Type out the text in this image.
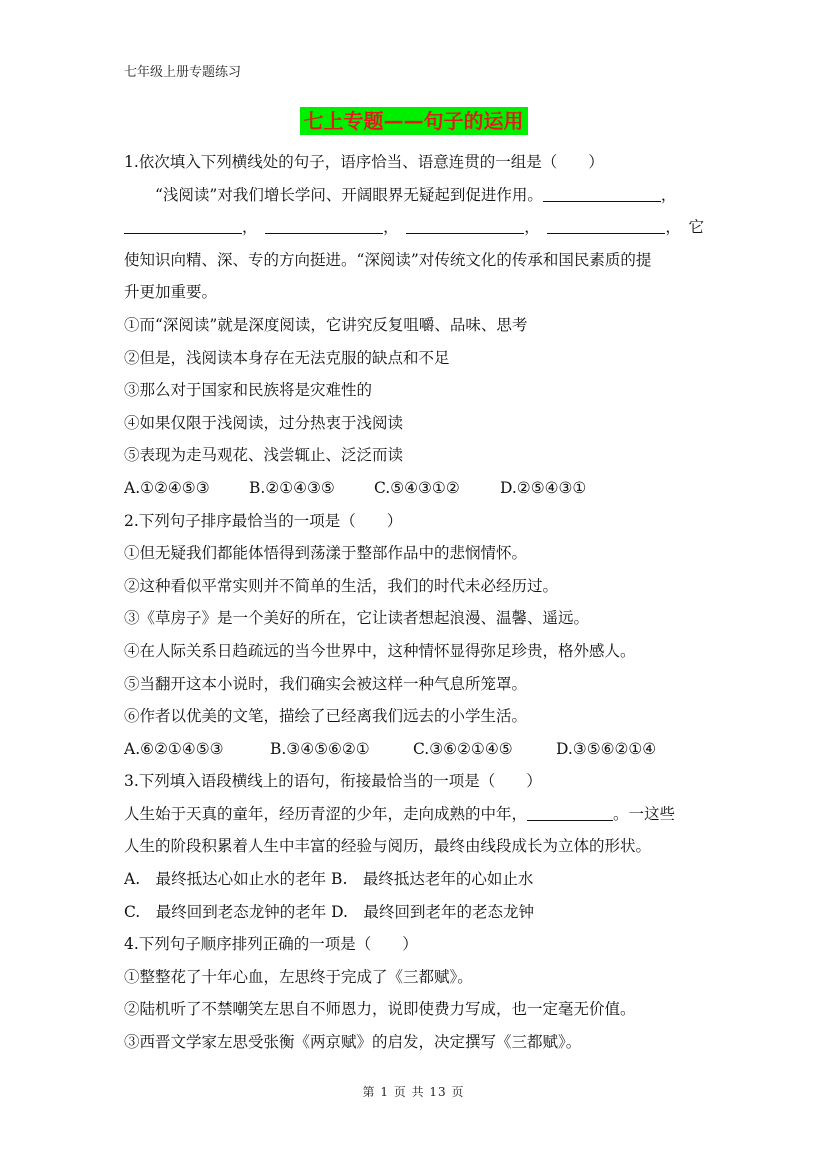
七年级上册专题练习
七上专题——句子的运用
1.依次填入下列横线处的句子，语序恰当、语意连贯的一组是（　　）
“浅阅读”对我们增长学问、开阔眼界无疑起到促进作用。	，
，	，	，	， 它
使知识向精、深、专的方向挺进。“深阅读”对传统文化的传承和国民素质的提
升更加重要。
①而“深阅读”就是深度阅读，它讲究反复咀嚼、品味、思考
②但是，浅阅读本身存在无法克服的缺点和不足
③那么对于国家和民族将是灾难性的
④如果仅限于浅阅读，过分热衷于浅阅读
⑤表现为走马观花、浅尝辄止、泛泛而读
A.①②④⑤③	B.②①④③⑤	C.⑤④③①②	D.②⑤④③①
2.下列句子排序最恰当的一项是（　　）
①但无疑我们都能体悟得到荡漾于整部作品中的悲悯情怀。
②这种看似平常实则并不简单的生活，我们的时代未必经历过。
③《草房子》是一个美好的所在，它让读者想起浪漫、温馨、遥远。
④在人际关系日趋疏远的当今世界中，这种情怀显得弥足珍贵，格外感人。
⑤当翻开这本小说时，我们确实会被这样一种气息所笼罩。
⑥作者以优美的文笔，描绘了已经离我们远去的小学生活。
A.⑥②①④⑤③	B.③④⑤⑥②①	C.③⑥②①④⑤	D.③⑤⑥②①④
3.下列填入语段横线上的语句，衔接最恰当的一项是（　　）
人生始于天真的童年，经历青涩的少年，走向成熟的中年，	。一这些
人生的阶段积累着人生中丰富的经验与阅历，最终由线段成长为立体的形状。
A.　最终抵达心如止水的老年 B.　最终抵达老年的心如止水
C.　最终回到老态龙钟的老年 D.　最终回到老年的老态龙钟
4.下列句子顺序排列正确的一项是（　　）
①整整花了十年心血，左思终于完成了《三都赋》。
②陆机听了不禁嘲笑左思自不师恩力，说即使费力写成，也一定毫无价值。
③西晋文学家左思受张衡《两京赋》的启发，决定撰写《三都赋》。
第 1 页 共 13 页
